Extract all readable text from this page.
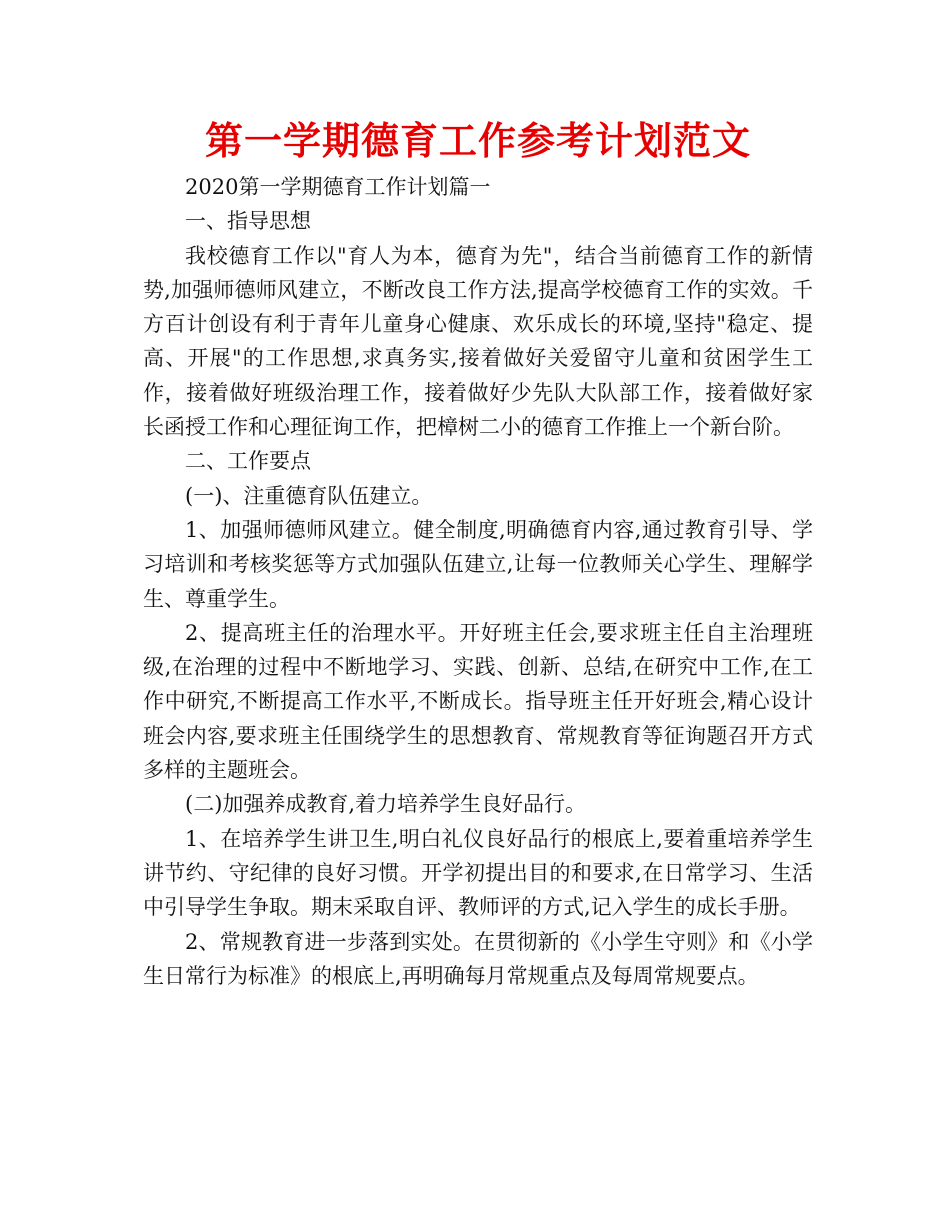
第一学期德育工作参考计划范文

2020第一学期德育工作计划篇一

一、指导思想

我校德育工作以"育人为本，德育为先"，结合当前德育工作的新情势,加强师德师风建立，不断改良工作方法,提高学校德育工作的实效。千方百计创设有利于青年儿童身心健康、欢乐成长的环境,坚持"稳定、提高、开展"的工作思想,求真务实,接着做好关爱留守儿童和贫困学生工作，接着做好班级治理工作，接着做好少先队大队部工作，接着做好家长函授工作和心理征询工作，把樟树二小的德育工作推上一个新台阶。

二、工作要点

(一)、注重德育队伍建立。

1、加强师德师风建立。健全制度,明确德育内容,通过教育引导、学习培训和考核奖惩等方式加强队伍建立,让每一位教师关心学生、理解学生、尊重学生。

2、提高班主任的治理水平。开好班主任会,要求班主任自主治理班级,在治理的过程中不断地学习、实践、创新、总结,在研究中工作,在工作中研究,不断提高工作水平,不断成长。指导班主任开好班会,精心设计班会内容,要求班主任围绕学生的思想教育、常规教育等征询题召开方式多样的主题班会。

(二)加强养成教育,着力培养学生良好品行。

1、在培养学生讲卫生,明白礼仪良好品行的根底上,要着重培养学生讲节约、守纪律的良好习惯。开学初提出目的和要求,在日常学习、生活中引导学生争取。期末采取自评、教师评的方式,记入学生的成长手册。

2、常规教育进一步落到实处。在贯彻新的《小学生守则》和《小学生日常行为标准》的根底上,再明确每月常规重点及每周常规要点。
